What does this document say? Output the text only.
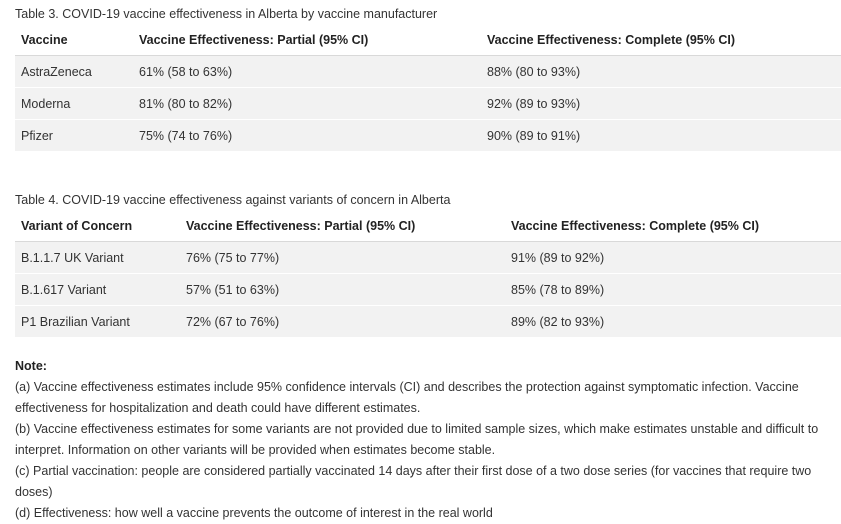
Table 3. COVID-19 vaccine effectiveness in Alberta by vaccine manufacturer
Vaccine	Vaccine Effectiveness: Partial (95% CI)	Vaccine Effectiveness: Complete (95% CI)
AstraZeneca	61% (58 to 63%)	88% (80 to 93%)
Moderna	81% (80 to 82%)	92% (89 to 93%)
Pfizer	75% (74 to 76%)	90% (89 to 91%)
Table 4. COVID-19 vaccine effectiveness against variants of concern in Alberta
Variant of Concern	Vaccine Effectiveness: Partial (95% CI)	Vaccine Effectiveness: Complete (95% CI)
B.1.1.7 UK Variant	76% (75 to 77%)	91% (89 to 92%)
B.1.617 Variant	57% (51 to 63%)	85% (78 to 89%)
P1 Brazilian Variant	72% (67 to 76%)	89% (82 to 93%)
Note:

(a) Vaccine effectiveness estimates include 95% confidence intervals (CI) and describes the protection against symptomatic infection. Vaccine

effectiveness for hospitalization and death could have different estimates.

(b) Vaccine effectiveness estimates for some variants are not provided due to limited sample sizes, which make estimates unstable and difficult to

interpret. Information on other variants will be provided when estimates become stable.

(c) Partial vaccination: people are considered partially vaccinated 14 days after their first dose of a two dose series (for vaccines that require two

doses)

(d) Effectiveness: how well a vaccine prevents the outcome of interest in the real world
